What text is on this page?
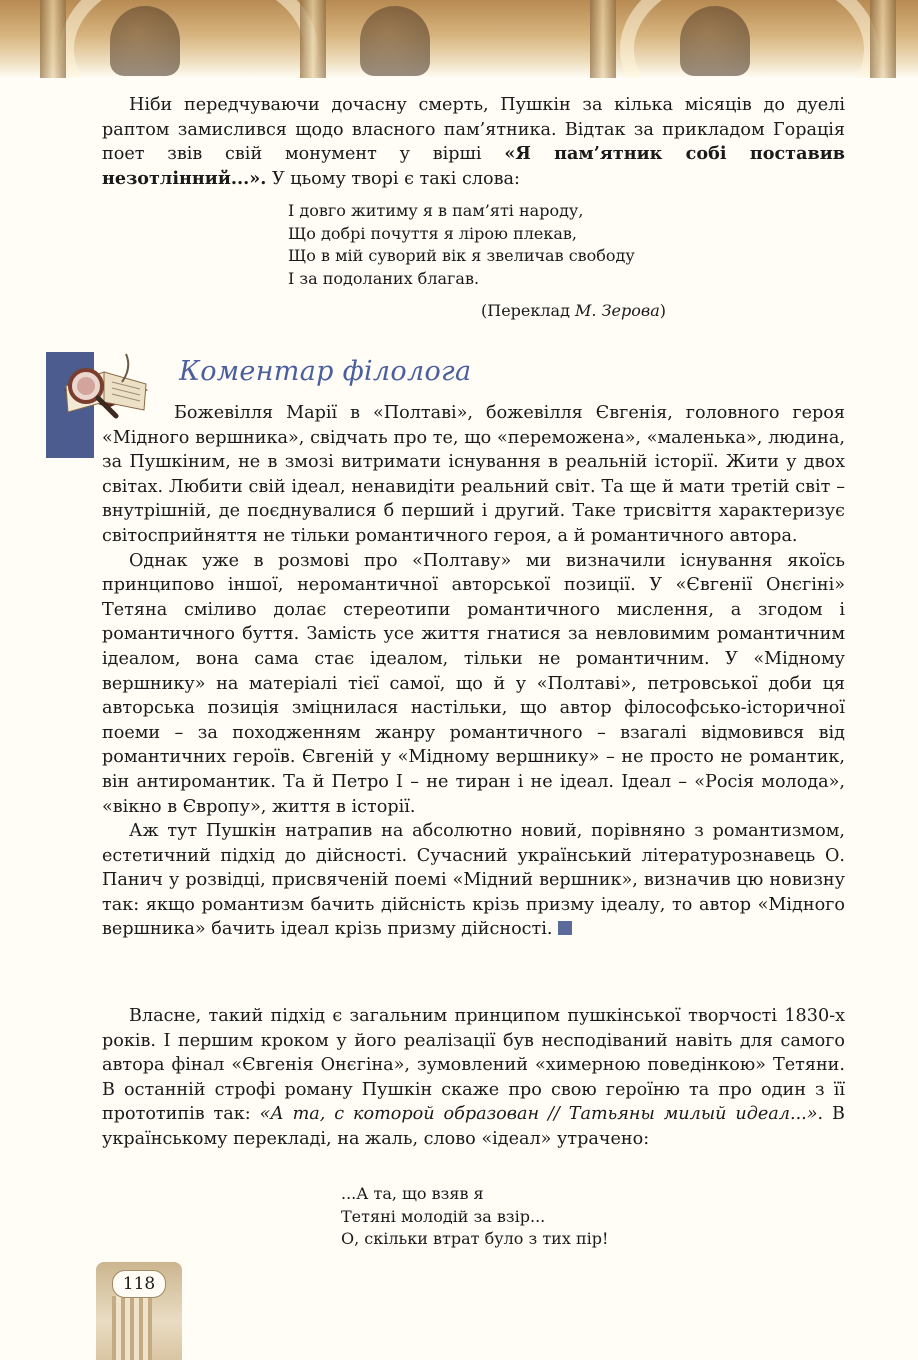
Ніби передчуваючи дочасну смерть, Пушкін за кілька місяців до дуелі раптом замислився щодо власного пам’ятника. Відтак за прикладом Горація поет звів свій монумент у вірші «Я пам’ятник собі поставив незотлінний...». У цьому творі є такі слова:

І довго житиму я в пам’яті народу,
Що добрі почуття я лірою плекав,
Що в мій суворий вік я звеличав свободу
І за подоланих благав.
(Переклад М. Зерова)
Коментар філолога

Божевілля Марії в «Полтаві», божевілля Євгенія, головного героя «Мідного вершника», свідчать про те, що «переможена», «маленька», людина, за Пушкіним, не в змозі витримати існування в реальній історії. Жити у двох світах. Любити свій ідеал, ненавидіти реальний світ. Та ще й мати третій світ – внутрішній, де поєднувалися б перший і другий. Таке трисвіття характеризує світосприйняття не тільки романтичного героя, а й романтичного автора.

Однак уже в розмові про «Полтаву» ми визначили існування якоїсь принципово іншої, неромантичної авторської позиції. У «Євгенії Онєгіні» Тетяна сміливо долає стереотипи романтичного мислення, а згодом і романтичного буття. Замість усе життя гнатися за невловимим романтичним ідеалом, вона сама стає ідеалом, тільки не романтичним. У «Мідному вершнику» на матеріалі тієї самої, що й у «Полтаві», петровської доби ця авторська позиція зміцнилася настільки, що автор філософсько-історичної поеми – за походженням жанру романтичного – взагалі відмовився від романтичних героїв. Євгеній у «Мідному вершнику» – не просто не романтик, він антиромантик. Та й Петро І – не тиран і не ідеал. Ідеал – «Росія молода», «вікно в Європу», життя в історії.

Аж тут Пушкін натрапив на абсолютно новий, порівняно з романтизмом, естетичний підхід до дійсності. Сучасний український літературознавець О. Панич у розвідці, присвяченій поемі «Мідний вершник», визначив цю новизну так: якщо романтизм бачить дійсність крізь призму ідеалу, то автор «Мідного вершника» бачить ідеал крізь призму дійсності.

Власне, такий підхід є загальним принципом пушкінської творчості 1830-х років. І першим кроком у його реалізації був несподіваний навіть для самого автора фінал «Євгенія Онєгіна», зумовлений «химерною поведінкою» Тетяни. В останній строфі роману Пушкін скаже про свою героїню та про один з її прототипів так: «А та, с которой образован // Татьяны милый идеал...». В українському перекладі, на жаль, слово «ідеал» утрачено:

...А та, що взяв я
Тетяні молодій за взір...
О, скільки втрат було з тих пір!
118
